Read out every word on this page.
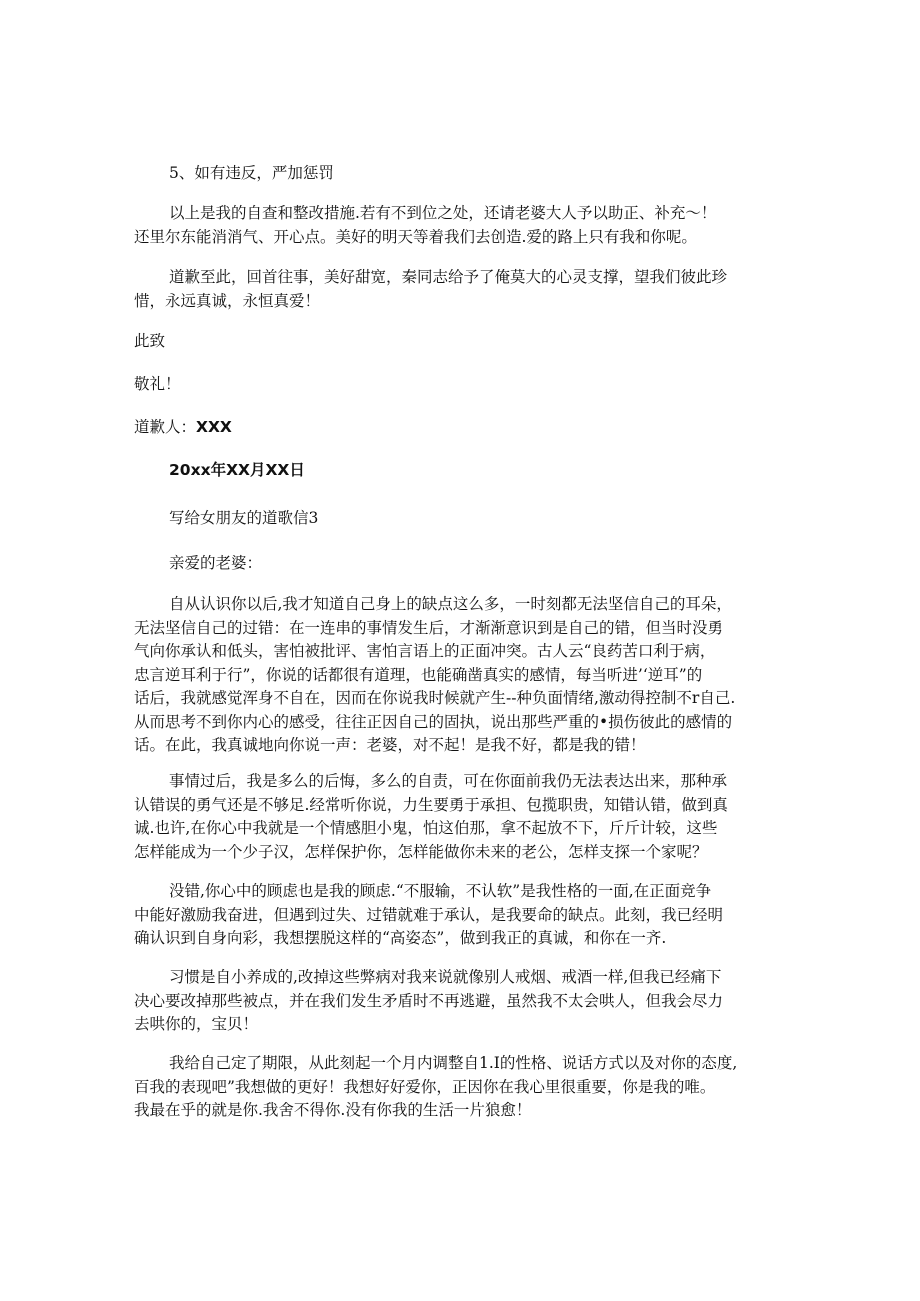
5、如有违反，严加惩罚

以上是我的自查和整改措施.若有不到位之处，还请老婆大人予以助正、补充～！
还里尔东能消消气、开心点。美好的明天等着我们去创造.爱的路上只有我和你呢。

道歉至此，回首往事，美好甜宽，秦同志给予了俺莫大的心灵支撑，望我们彼此珍
惜，永远真诚，永恒真爱！

此致

敬礼！

道歉人：XXX

20xx年XX月XX日

写给女朋友的道歌信3

亲爱的老婆：

自从认识你以后,我才知道自己身上的缺点这么多，一时刻都无法坚信自己的耳朵，
无法坚信自己的过错：在一连串的事情发生后，才渐渐意识到是自己的错，但当时没勇
气向你承认和低头，害怕被批评、害怕言语上的正面冲突。古人云“良药苦口利于病，
忠言逆耳利于行”，你说的话都很有道理，也能确凿真实的感情，每当听进’‘逆耳”的
话后，我就感觉浑身不自在，因而在你说我时候就产生--种负面情绪,激动得控制不r自己.
从而思考不到你内心的感受，往往正因自己的固执，说出那些严重的•损伤彼此的感情的
话。在此，我真诚地向你说一声：老婆，对不起！是我不好，都是我的错！

事情过后，我是多么的后悔，多么的自责，可在你面前我仍无法表达出来，那种承
认错误的勇气还是不够足.经常听你说，力生要勇于承担、包揽职贵，知错认错，做到真
诚.也许,在你心中我就是一个情感胆小鬼，怕这伯那，拿不起放不下，斤斤计较，这些
怎样能成为一个少子汉，怎样保护你，怎样能做你未来的老公，怎样支探一个家呢？

没错,你心中的顾虑也是我的顾虑.“不服输，不认软”是我性格的一面,在正面竞争
中能好激励我奋进，但遇到过失、过错就难于承认，是我要命的缺点。此刻，我已经明
确认识到自身向彩，我想摆脱这样的“高姿态”，做到我正的真诚，和你在一齐.

习惯是自小养成的,改掉这些弊病对我来说就像别人戒烟、戒酒一样,但我已经痛下
决心要改掉那些被点，并在我们发生矛盾时不再逃避，虽然我不太会哄人，但我会尽力
去哄你的，宝贝！

我给自己定了期限，从此刻起一个月内调整自1.I的性格、说话方式以及对你的态度,
百我的表现吧”我想做的更好！我想好好爱你，正因你在我心里很重要，你是我的唯。
我最在乎的就是你.我舍不得你.没有你我的生活一片狼愈！
